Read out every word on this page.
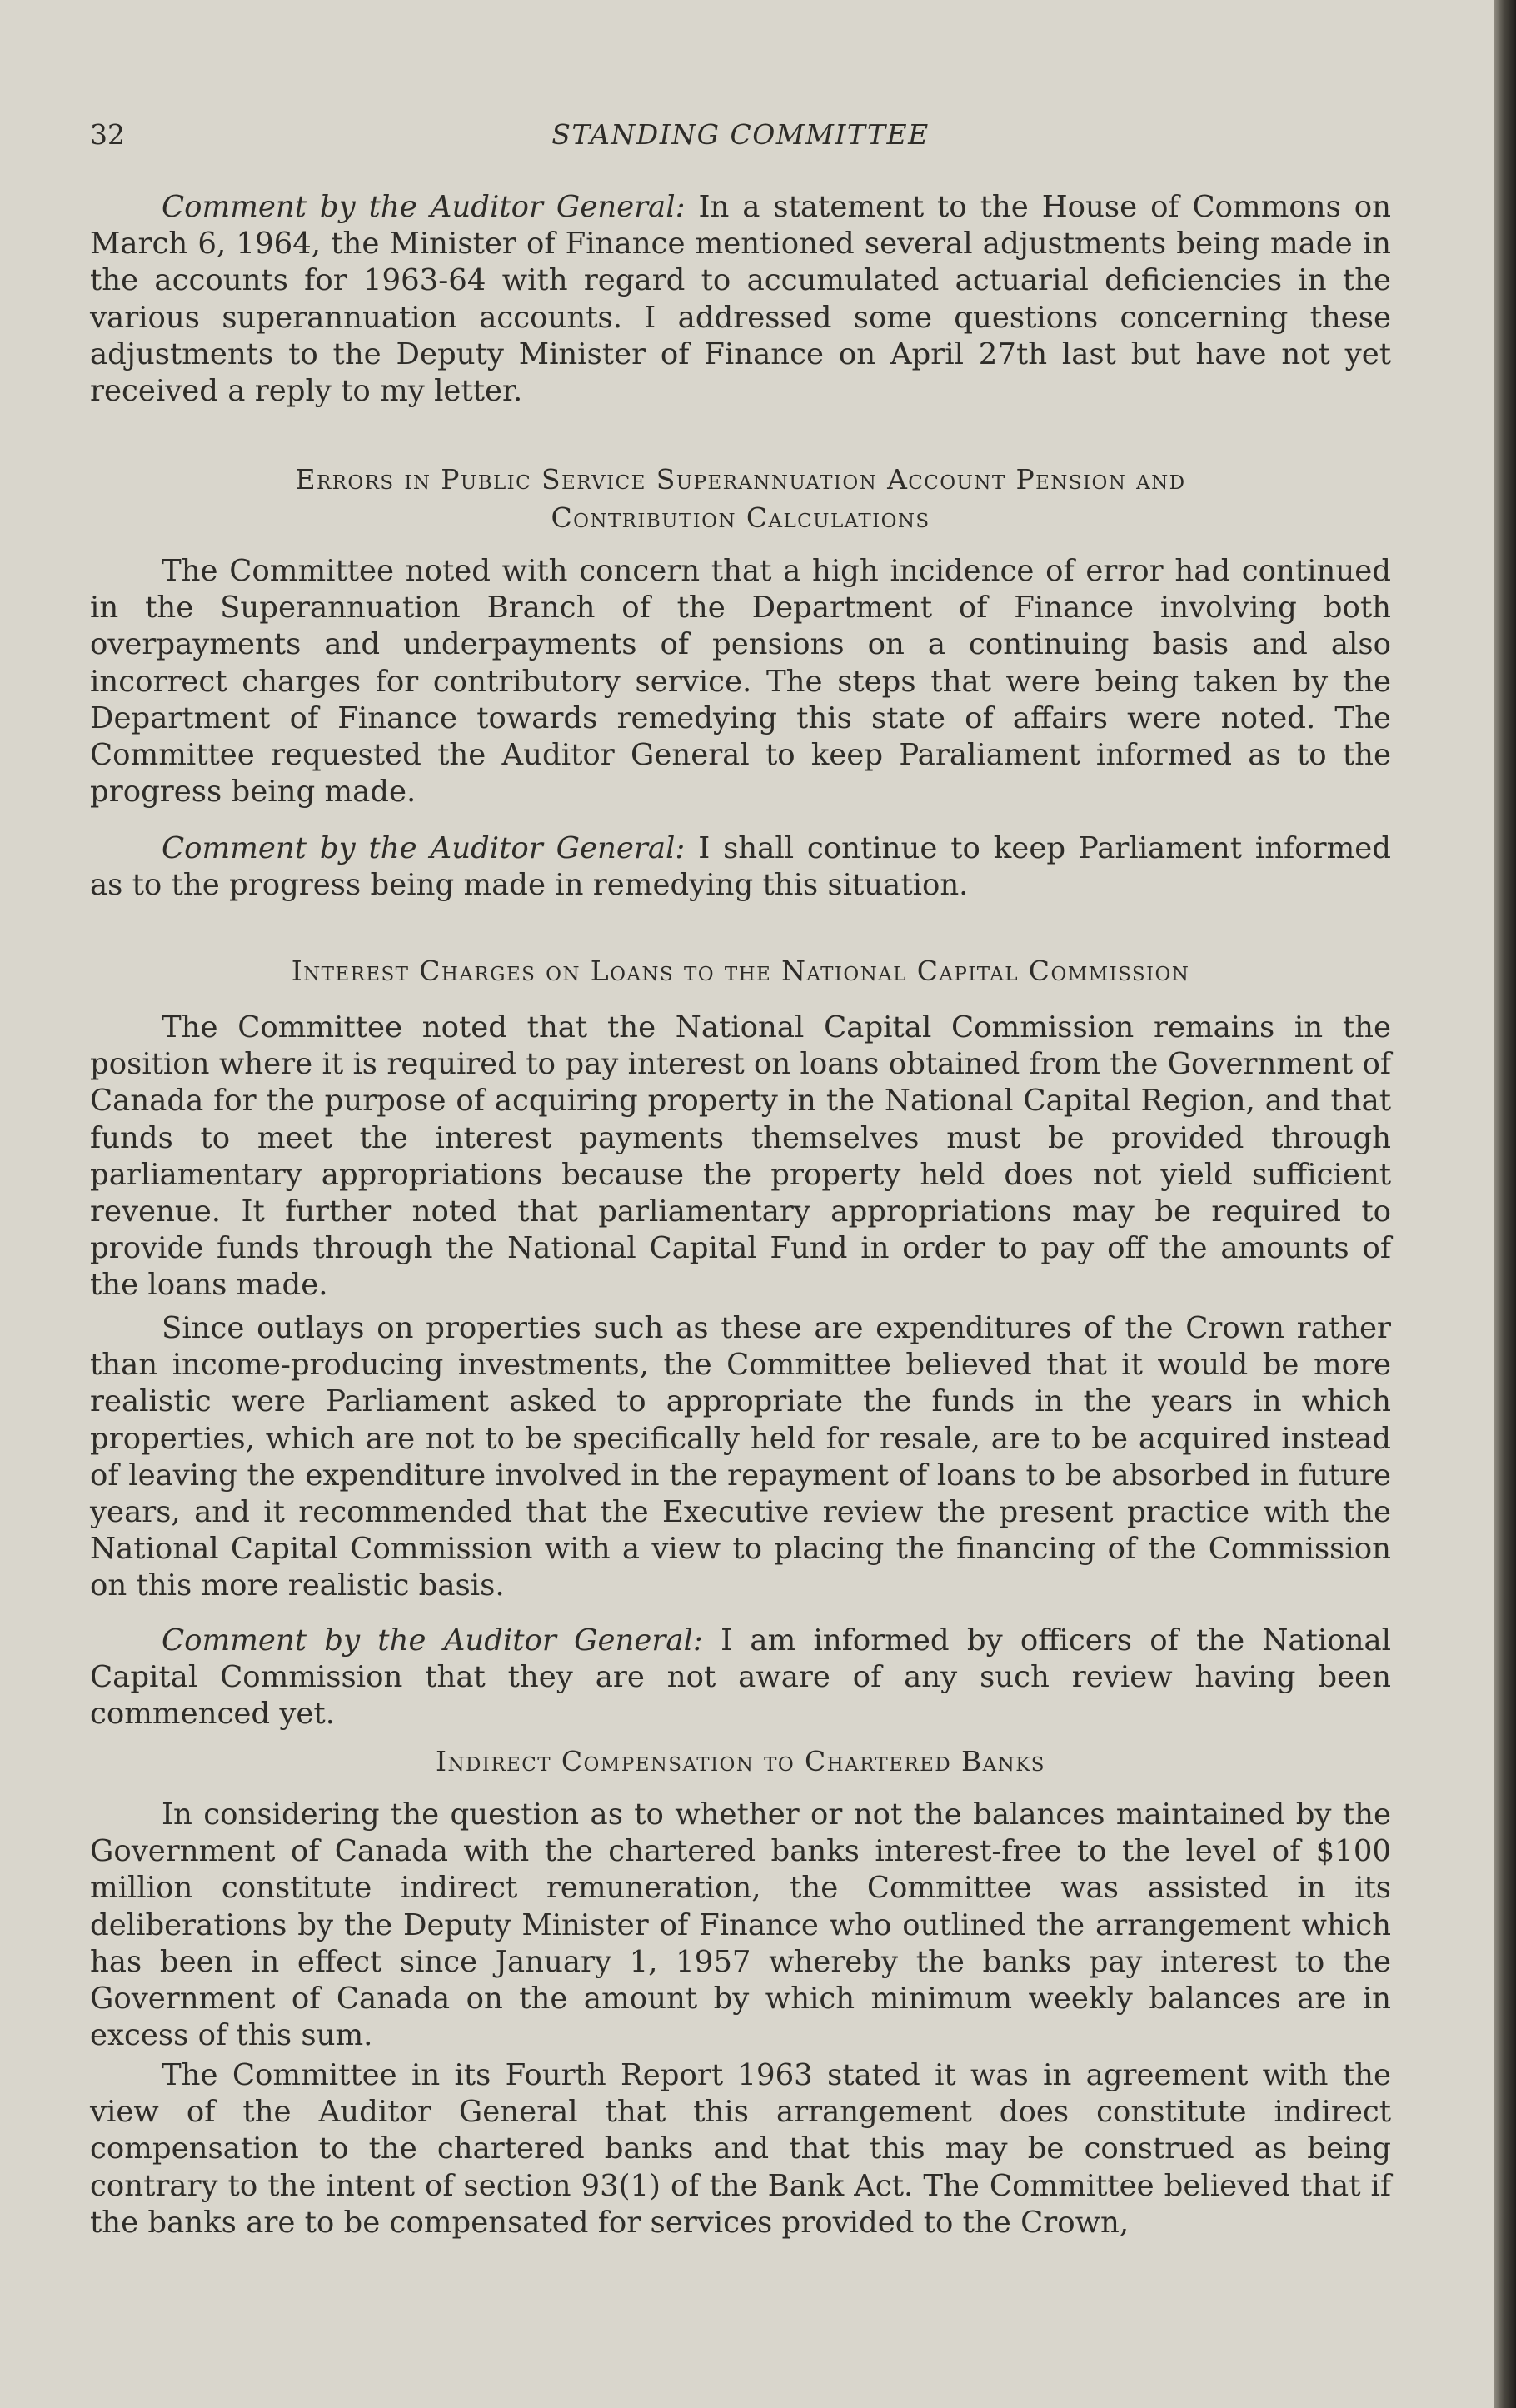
32	STANDING COMMITTEE

Comment by the Auditor General: In a statement to the House of Commons on March 6, 1964, the Minister of Finance mentioned several adjustments being made in the accounts for 1963-64 with regard to accumulated actuarial deficiencies in the various superannuation accounts. I addressed some questions concerning these adjustments to the Deputy Minister of Finance on April 27th last but have not yet received a reply to my letter.

Errors in Public Service Superannuation Account Pension and
Contribution Calculations

The Committee noted with concern that a high incidence of error had continued in the Superannuation Branch of the Department of Finance involving both overpayments and underpayments of pensions on a continuing basis and also incorrect charges for contributory service. The steps that were being taken by the Department of Finance towards remedying this state of affairs were noted. The Committee requested the Auditor General to keep Paraliament informed as to the progress being made.

Comment by the Auditor General: I shall continue to keep Parliament informed as to the progress being made in remedying this situation.

Interest Charges on Loans to the National Capital Commission

The Committee noted that the National Capital Commission remains in the position where it is required to pay interest on loans obtained from the Government of Canada for the purpose of acquiring property in the National Capital Region, and that funds to meet the interest payments themselves must be provided through parliamentary appropriations because the property held does not yield sufficient revenue. It further noted that parliamentary appropriations may be required to provide funds through the National Capital Fund in order to pay off the amounts of the loans made.

Since outlays on properties such as these are expenditures of the Crown rather than income-producing investments, the Committee believed that it would be more realistic were Parliament asked to appropriate the funds in the years in which properties, which are not to be specifically held for resale, are to be acquired instead of leaving the expenditure involved in the repayment of loans to be absorbed in future years, and it recommended that the Executive review the present practice with the National Capital Commission with a view to placing the financing of the Commission on this more realistic basis.

Comment by the Auditor General: I am informed by officers of the National Capital Commission that they are not aware of any such review having been commenced yet.

Indirect Compensation to Chartered Banks

In considering the question as to whether or not the balances maintained by the Government of Canada with the chartered banks interest-free to the level of $100 million constitute indirect remuneration, the Committee was assisted in its deliberations by the Deputy Minister of Finance who outlined the arrangement which has been in effect since January 1, 1957 whereby the banks pay interest to the Government of Canada on the amount by which minimum weekly balances are in excess of this sum.

The Committee in its Fourth Report 1963 stated it was in agreement with the view of the Auditor General that this arrangement does constitute indirect compensation to the chartered banks and that this may be construed as being contrary to the intent of section 93(1) of the Bank Act. The Committee believed that if the banks are to be compensated for services provided to the Crown,
